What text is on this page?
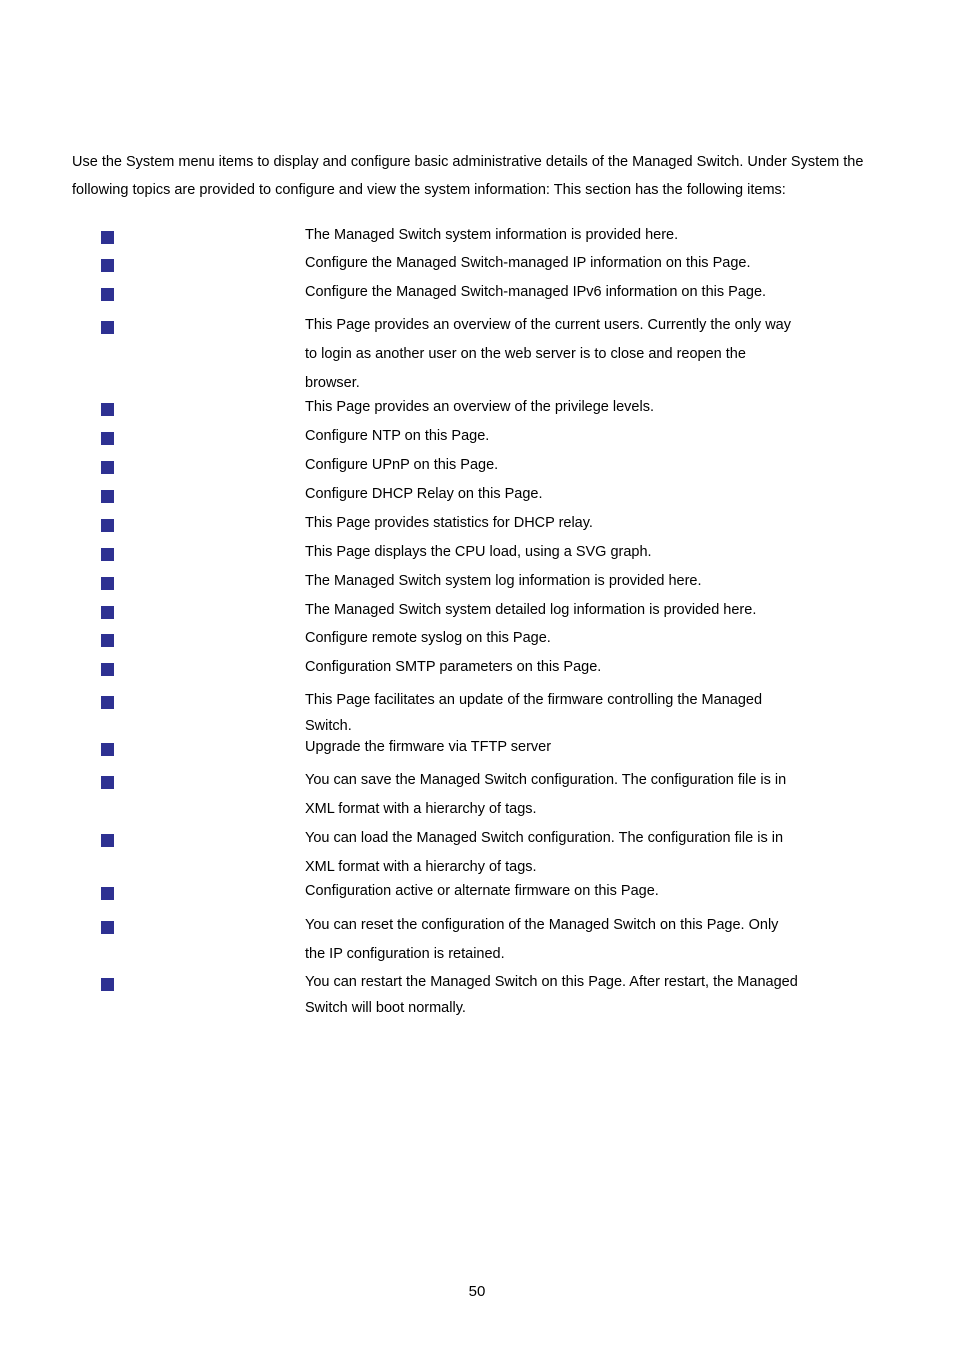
Use the System menu items to display and configure basic administrative details of the Managed Switch. Under System the
following topics are provided to configure and view the system information: This section has the following items:

The Managed Switch system information is provided here.

Configure the Managed Switch-managed IP information on this Page.

Configure the Managed Switch-managed IPv6 information on this Page.

This Page provides an overview of the current users. Currently the only way
to login as another user on the web server is to close and reopen the
browser.

This Page provides an overview of the privilege levels.

Configure NTP on this Page.

Configure UPnP on this Page.

Configure DHCP Relay on this Page.

This Page provides statistics for DHCP relay.

This Page displays the CPU load, using a SVG graph.

The Managed Switch system log information is provided here.

The Managed Switch system detailed log information is provided here.

Configure remote syslog on this Page.

Configuration SMTP parameters on this Page.

This Page facilitates an update of the firmware controlling the Managed
Switch.

Upgrade the firmware via TFTP server

You can save the Managed Switch configuration. The configuration file is in
XML format with a hierarchy of tags.

You can load the Managed Switch configuration. The configuration file is in
XML format with a hierarchy of tags.

Configuration active or alternate firmware on this Page.

You can reset the configuration of the Managed Switch on this Page. Only
the IP configuration is retained.

You can restart the Managed Switch on this Page. After restart, the Managed
Switch will boot normally.

50
